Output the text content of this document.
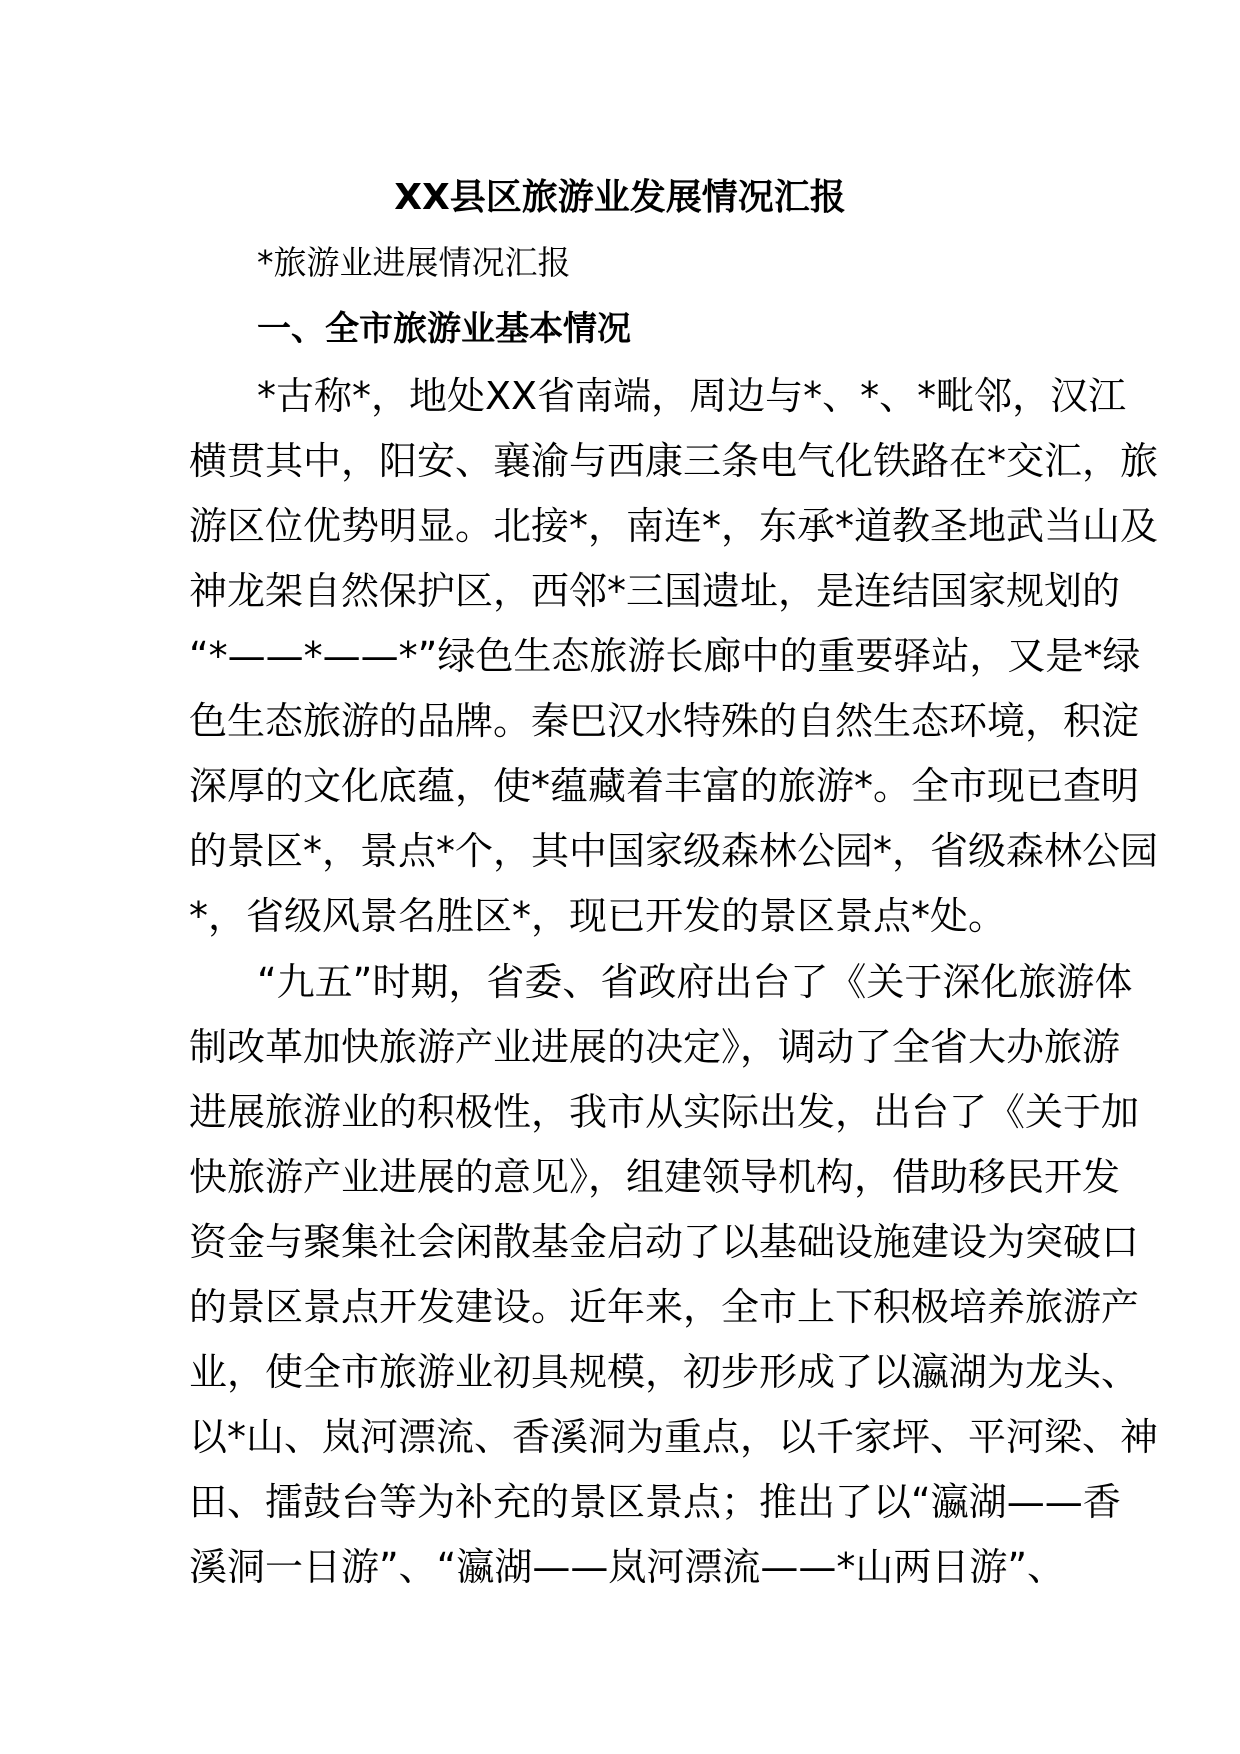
XX县区旅游业发展情况汇报
*旅游业进展情况汇报
一、全市旅游业基本情况
*古称*，地处XX省南端，周边与*、*、*毗邻，汉江
横贯其中，阳安、襄渝与西康三条电气化铁路在*交汇，旅
游区位优势明显。北接*，南连*，东承*道教圣地武当山及
神龙架自然保护区，西邻*三国遗址，是连结国家规划的
“*——*——*”绿色生态旅游长廊中的重要驿站，又是*绿
色生态旅游的品牌。秦巴汉水特殊的自然生态环境，积淀
深厚的文化底蕴，使*蕴藏着丰富的旅游*。全市现已查明
的景区*，景点*个，其中国家级森林公园*，省级森林公园
*，省级风景名胜区*，现已开发的景区景点*处。
“九五”时期，省委、省政府出台了《关于深化旅游体
制改革加快旅游产业进展的决定》，调动了全省大办旅游
进展旅游业的积极性，我市从实际出发，出台了《关于加
快旅游产业进展的意见》，组建领导机构，借助移民开发
资金与聚集社会闲散基金启动了以基础设施建设为突破口
的景区景点开发建设。近年来，全市上下积极培养旅游产
业，使全市旅游业初具规模，初步形成了以瀛湖为龙头、
以*山、岚河漂流、香溪洞为重点，以千家坪、平河梁、神
田、擂鼓台等为补充的景区景点；推出了以“瀛湖——香
溪洞一日游”、“瀛湖——岚河漂流——*山两日游”、
